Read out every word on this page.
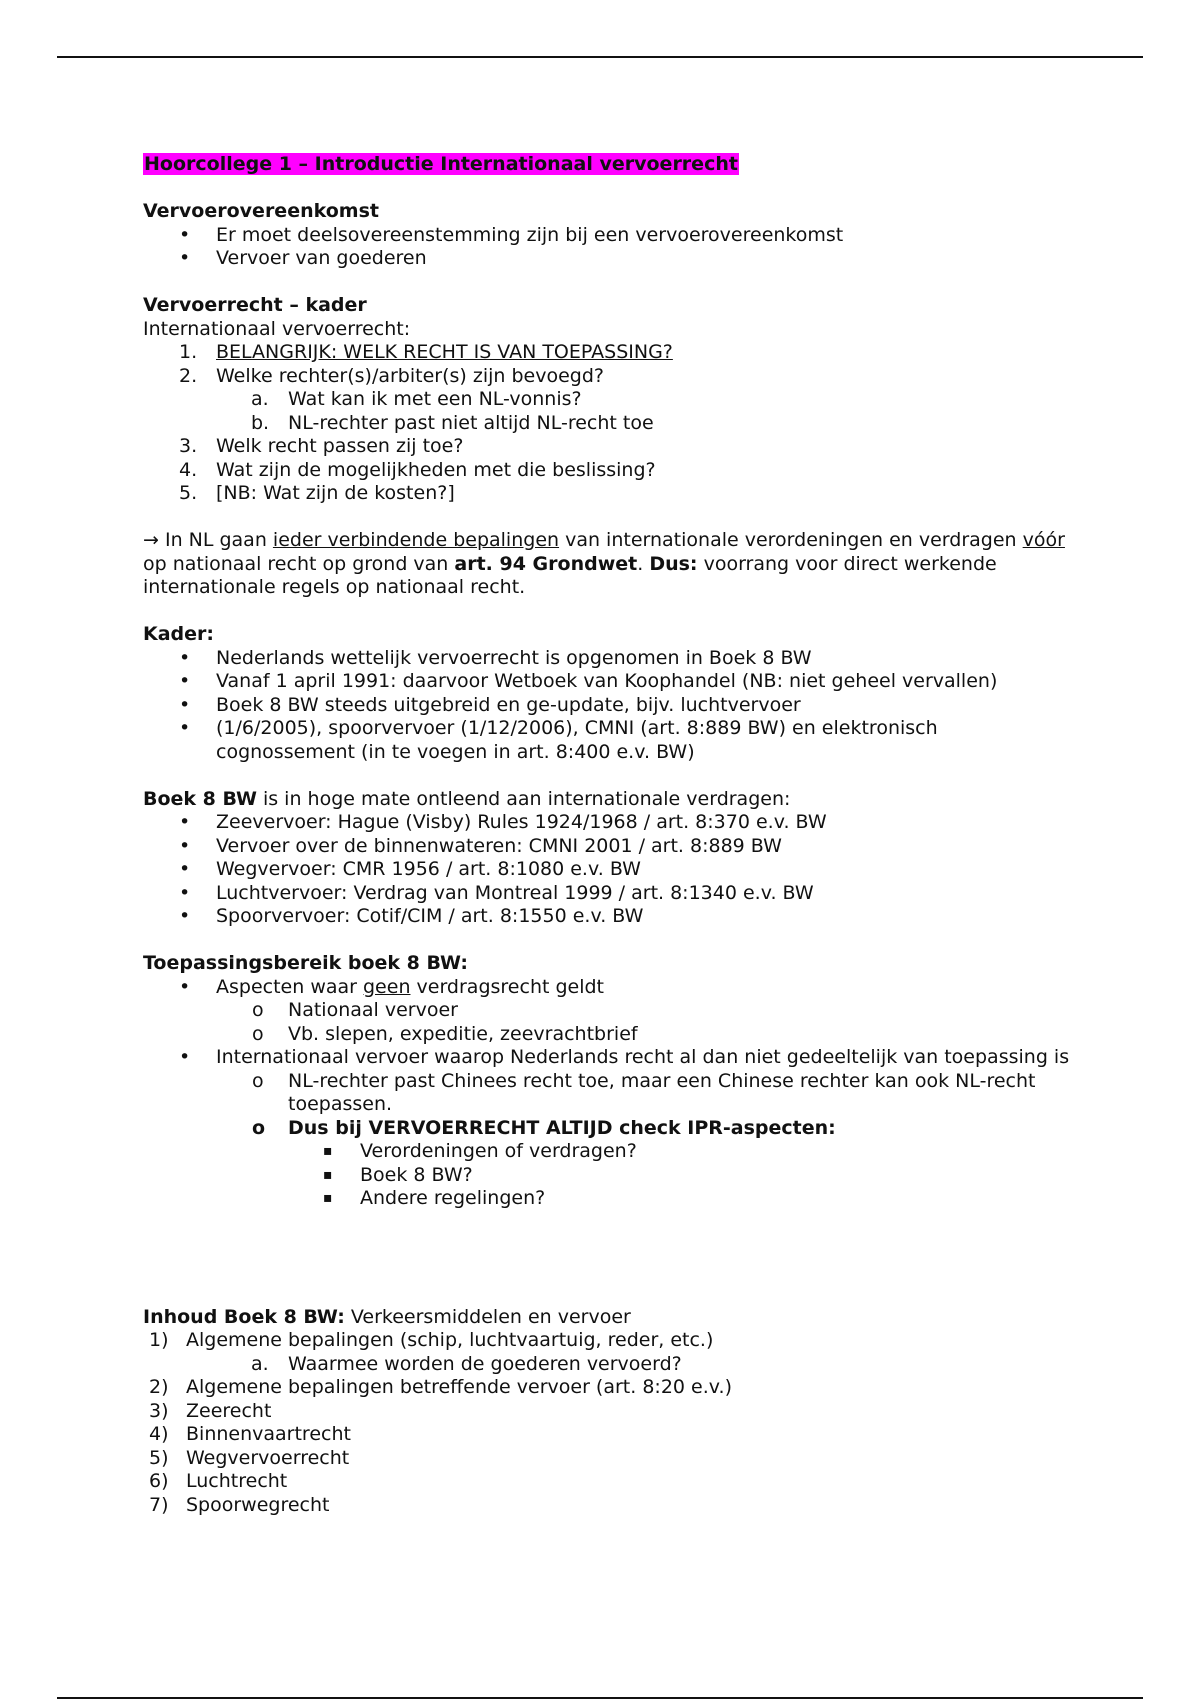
Hoorcollege 1 – Introductie Internationaal vervoerrecht
Vervoerovereenkomst
• Er moet deelsovereenstemming zijn bij een vervoerovereenkomst
• Vervoer van goederen
Vervoerrecht – kader
Internationaal vervoerrecht:
1. BELANGRIJK: WELK RECHT IS VAN TOEPASSING?
2. Welke rechter(s)/arbiter(s) zijn bevoegd?
a. Wat kan ik met een NL-vonnis?
b. NL-rechter past niet altijd NL-recht toe
3. Welk recht passen zij toe?
4. Wat zijn de mogelijkheden met die beslissing?
5. [NB: Wat zijn de kosten?]
→ In NL gaan ieder verbindende bepalingen van internationale verordeningen en verdragen vóór op nationaal recht op grond van art. 94 Grondwet. Dus: voorrang voor direct werkende internationale regels op nationaal recht.
Kader:
• Nederlands wettelijk vervoerrecht is opgenomen in Boek 8 BW
• Vanaf 1 april 1991: daarvoor Wetboek van Koophandel (NB: niet geheel vervallen)
• Boek 8 BW steeds uitgebreid en ge-update, bijv. luchtvervoer
• (1/6/2005), spoorvervoer (1/12/2006), CMNI (art. 8:889 BW) en elektronisch cognossement (in te voegen in art. 8:400 e.v. BW)
Boek 8 BW is in hoge mate ontleend aan internationale verdragen:
• Zeevervoer: Hague (Visby) Rules 1924/1968 / art. 8:370 e.v. BW
• Vervoer over de binnenwateren: CMNI 2001 / art. 8:889 BW
• Wegvervoer: CMR 1956 / art. 8:1080 e.v. BW
• Luchtvervoer: Verdrag van Montreal 1999 / art. 8:1340 e.v. BW
• Spoorvervoer: Cotif/CIM / art. 8:1550 e.v. BW
Toepassingsbereik boek 8 BW:
• Aspecten waar geen verdragsrecht geldt
o Nationaal vervoer
o Vb. slepen, expeditie, zeevrachtbrief
• Internationaal vervoer waarop Nederlands recht al dan niet gedeeltelijk van toepassing is
o NL-rechter past Chinees recht toe, maar een Chinese rechter kan ook NL-recht toepassen.
o Dus bij VERVOERRECHT ALTIJD check IPR-aspecten:
▪ Verordeningen of verdragen?
▪ Boek 8 BW?
▪ Andere regelingen?
Inhoud Boek 8 BW: Verkeersmiddelen en vervoer
1) Algemene bepalingen (schip, luchtvaartuig, reder, etc.)
a. Waarmee worden de goederen vervoerd?
2) Algemene bepalingen betreffende vervoer (art. 8:20 e.v.)
3) Zeerecht
4) Binnenvaartrecht
5) Wegvervoerrecht
6) Luchtrecht
7) Spoorwegrecht
